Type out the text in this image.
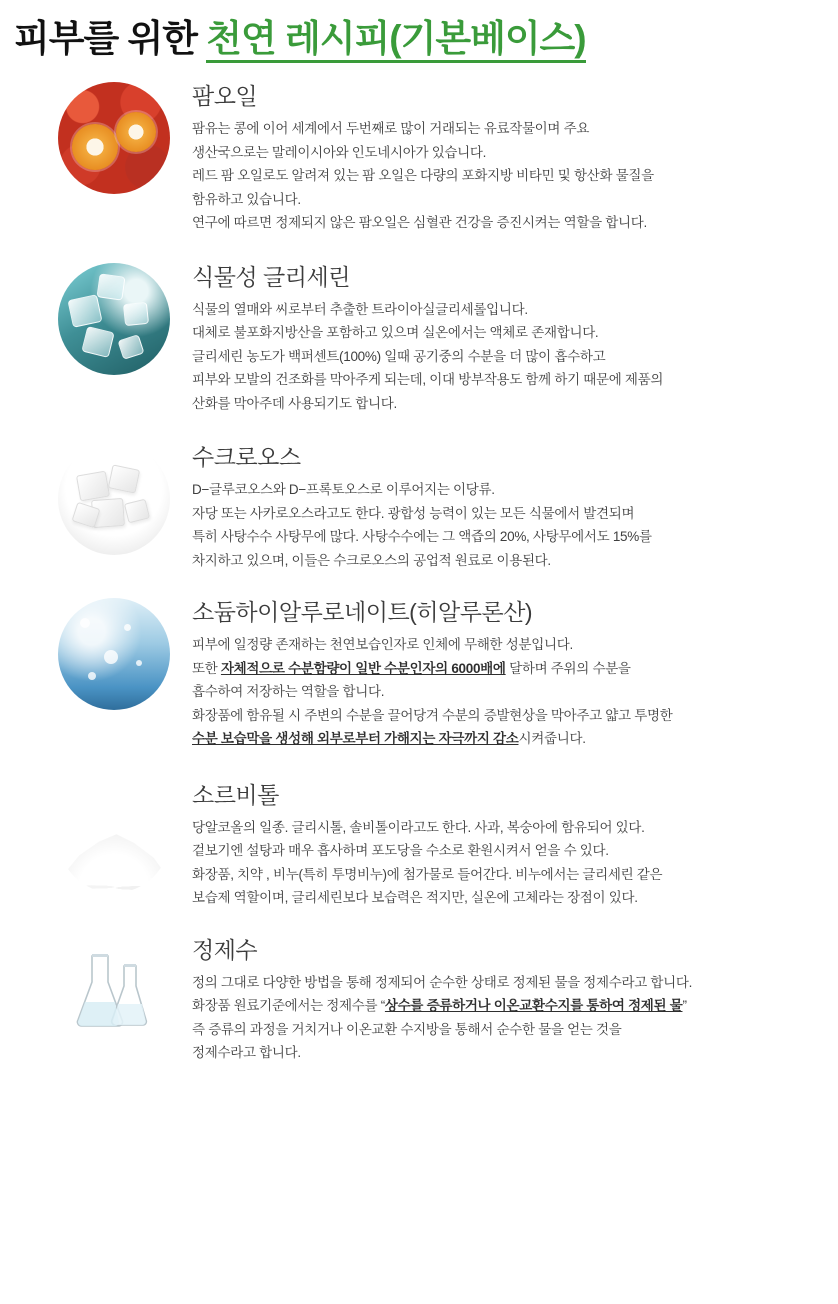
피부를 위한 천연 레시피(기본베이스)
팜오일

팜유는 콩에 이어 세계에서 두번째로 많이 거래되는 유료작물이며 주요

생산국으로는 말레이시아와 인도네시아가 있습니다.

레드 팜 오일로도 알려져 있는 팜 오일은 다량의 포화지방 비타민 및 항산화 물질을

함유하고 있습니다.

연구에 따르면 정제되지 않은 팜오일은 심혈관 건강을 증진시켜는 역할을 합니다.

식물성 글리세린

식물의 열매와 씨로부터 추출한 트라이아실글리세롤입니다.

대체로 불포화지방산을 포함하고 있으며 실온에서는 액체로 존재합니다.

글리세린 농도가 백퍼센트(100%) 일때 공기중의 수분을 더 많이 흡수하고

피부와 모발의 건조화를 막아주게 되는데, 이대 방부작용도 함께 하기 때문에 제품의

산화를 막아주데 사용되기도 합니다.

수크로오스

D−글루코오스와 D−프록토오스로 이루어지는 이당류.

자당 또는 사카로오스라고도 한다. 광합성 능력이 있는 모든 식물에서 발견되며

특히 사탕수수 사탕무에 많다. 사탕수수에는 그 액즙의 20%, 사탕무에서도 15%를

차지하고 있으며, 이들은 수크로오스의 공업적 원료로 이용된다.

소듐하이알루로네이트(히알루론산)

피부에 일정량 존재하는 천연보습인자로 인체에 무해한 성분입니다.

또한 자체적으로 수분함량이 일반 수분인자의 6000배에 달하며 주위의 수분을

흡수하여 저장하는 역할을 합니다.

화장품에 함유될 시 주변의 수분을 끌어당겨 수분의 증발현상을 막아주고 얇고 투명한

수분 보습막을 생성해 외부로부터 가해지는 자극까지 감소시켜줍니다.

소르비톨

당알코올의 일종. 글리시톨, 솔비톨이라고도 한다. 사과, 복숭아에 함유되어 있다.

겉보기엔 설탕과 매우 흡사하며 포도당을 수소로 환원시켜서 얻을 수 있다.

화장품, 치약 , 비누(특히 투명비누)에 첨가물로 들어간다. 비누에서는 글리세린 같은

보습제 역할이며, 글리세린보다 보습력은 적지만, 실온에 고체라는 장점이 있다.

정제수

정의 그대로 다양한 방법을 통해 정제되어 순수한 상태로 정제된 물을 정제수라고 합니다.

화장품 원료기준에서는 정제수를 “상수를 증류하거나 이온교환수지를 통하여 정제된 물”

즉 증류의 과정을 거치거나 이온교환 수지방을 통해서 순수한 물을 얻는 것을

정제수라고 합니다.
